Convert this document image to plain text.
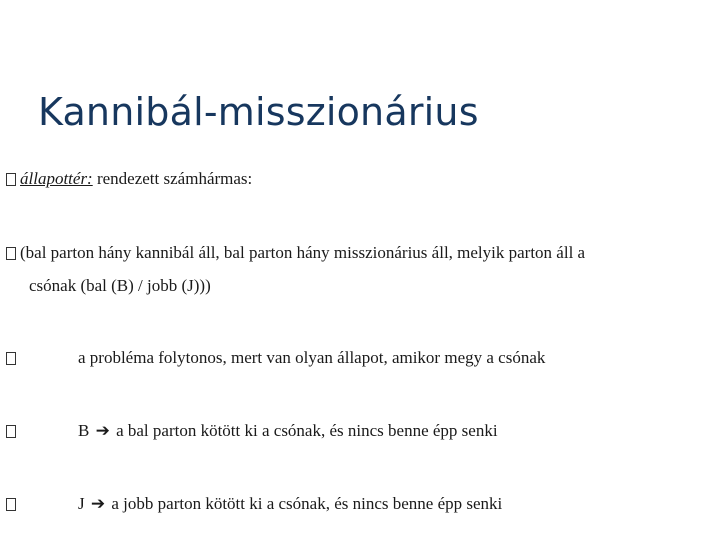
Kannibál-misszionárius
állapottér: rendezett számhármas:
(bal parton hány kannibál áll, bal parton hány misszionárius áll, melyik parton áll a
csónak (bal (B) / jobb (J)))
a probléma folytonos, mert van olyan állapot, amikor megy a csónak
B ➔ a bal parton kötött ki a csónak, és nincs benne épp senki
J ➔ a jobb parton kötött ki a csónak, és nincs benne épp senki
